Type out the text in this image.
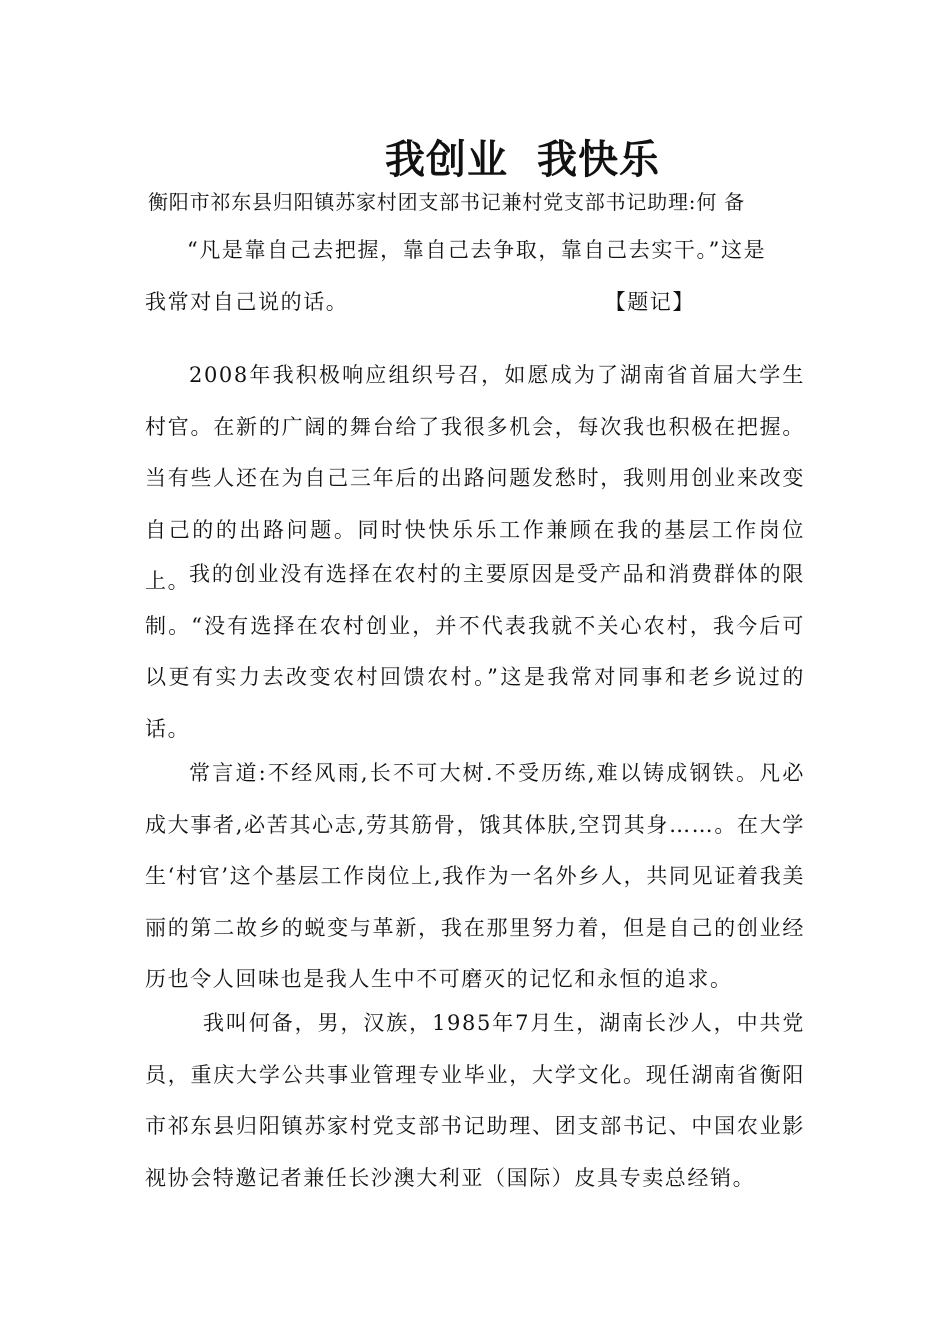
我创业 我快乐
衡阳市祁东县归阳镇苏家村团支部书记兼村党支部书记助理:何 备
“凡是靠自己去把握，靠自己去争取，靠自己去实干。”这是
我常对自己说的话。	【题记】

2008年我积极响应组织号召，如愿成为了湖南省首届大学生村官。在新的广阔的舞台给了我很多机会，每次我也积极在把握。当有些人还在为自己三年后的出路问题发愁时，我则用创业来改变自己的的出路问题。同时快快乐乐工作兼顾在我的基层工作岗位上。

我的创业没有选择在农村的主要原因是受产品和消费群体的限制。“没有选择在农村创业，并不代表我就不关心农村，我今后可以更有实力去改变农村回馈农村。”这是我常对同事和老乡说过的话。

常言道:不经风雨,长不可大树.不受历练,难以铸成钢铁。凡必成大事者,必苦其心志,劳其筋骨，饿其体肤,空罚其身……。在大学生‘村官’这个基层工作岗位上,我作为一名外乡人，共同见证着我美丽的第二故乡的蜕变与革新，我在那里努力着，但是自己的创业经历也令人回味也是我人生中不可磨灭的记忆和永恒的追求。

我叫何备，男，汉族，1985年7月生，湖南长沙人，中共党员，重庆大学公共事业管理专业毕业，大学文化。现任湖南省衡阳市祁东县归阳镇苏家村党支部书记助理、团支部书记、中国农业影视协会特邀记者兼任长沙澳大利亚（国际）皮具专卖总经销。
